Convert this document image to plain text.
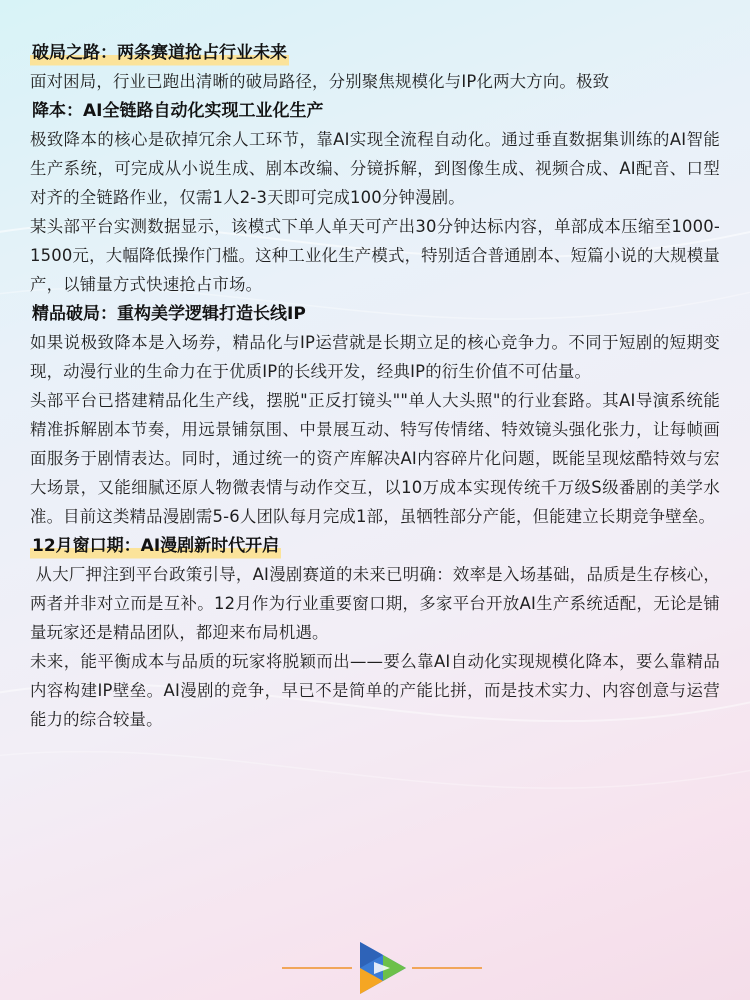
破局之路：两条赛道抢占行业未来

面对困局，行业已跑出清晰的破局路径，分别聚焦规模化与IP化两大方向。极致

降本：AI全链路自动化实现工业化生产

极致降本的核心是砍掉冗余人工环节，靠AI实现全流程自动化。通过垂直数据集训练的AI智能生产系统，可完成从小说生成、剧本改编、分镜拆解，到图像生成、视频合成、AI配音、口型对齐的全链路作业，仅需1人2-3天即可完成100分钟漫剧。

某头部平台实测数据显示，该模式下单人单天可产出30分钟达标内容，单部成本压缩至1000-1500元，大幅降低操作门槛。这种工业化生产模式，特别适合普通剧本、短篇小说的大规模量产，以铺量方式快速抢占市场。

精品破局：重构美学逻辑打造长线IP

如果说极致降本是入场券，精品化与IP运营就是长期立足的核心竞争力。不同于短剧的短期变现，动漫行业的生命力在于优质IP的长线开发，经典IP的衍生价值不可估量。

头部平台已搭建精品化生产线，摆脱"正反打镜头""单人大头照"的行业套路。其AI导演系统能精准拆解剧本节奏，用远景铺氛围、中景展互动、特写传情绪、特效镜头强化张力，让每帧画面服务于剧情表达。同时，通过统一的资产库解决AI内容碎片化问题，既能呈现炫酷特效与宏大场景，又能细腻还原人物微表情与动作交互，以10万成本实现传统千万级S级番剧的美学水准。目前这类精品漫剧需5-6人团队每月完成1部，虽牺牲部分产能，但能建立长期竞争壁垒。

12月窗口期：AI漫剧新时代开启

从大厂押注到平台政策引导，AI漫剧赛道的未来已明确：效率是入场基础，品质是生存核心，两者并非对立而是互补。12月作为行业重要窗口期，多家平台开放AI生产系统适配，无论是铺量玩家还是精品团队，都迎来布局机遇。

未来，能平衡成本与品质的玩家将脱颖而出——要么靠AI自动化实现规模化降本，要么靠精品内容构建IP壁垒。AI漫剧的竞争，早已不是简单的产能比拼，而是技术实力、内容创意与运营能力的综合较量。
